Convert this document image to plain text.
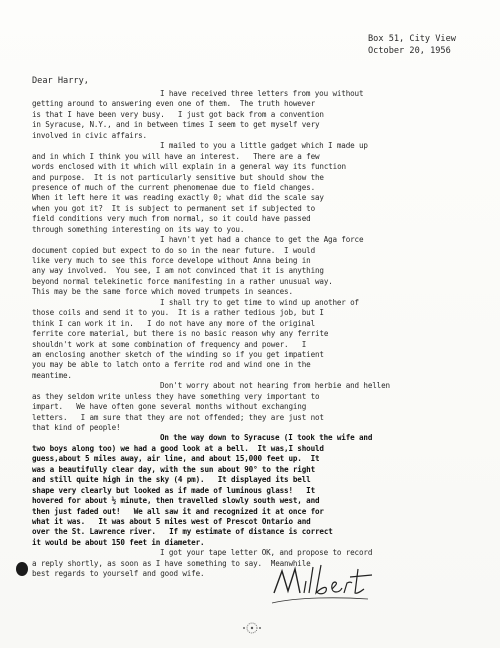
Box 51, City View
October 20, 1956
Dear Harry,
I have received three letters from you without
getting around to answering even one of them.  The truth however
is that I have been very busy.   I just got back from a convention
in Syracuse, N.Y., and in between times I seem to get myself very
involved in civic affairs.
I mailed to you a little gadget which I made up
and in which I think you will have an interest.   There are a few
words enclosed with it which will explain in a general way its function
and purpose.  It is not particularly sensitive but should show the
presence of much of the current phenomenae due to field changes.
When it left here it was reading exactly 0; what did the scale say
when you got it?  It is subject to permanent set if subjected to
field conditions very much from normal, so it could have passed
through something interesting on its way to you.
I havn't yet had a chance to get the Aga force
document copied but expect to do so in the near future.  I would
like very much to see this force develope without Anna being in
any way involved.  You see, I am not convinced that it is anything
beyond normal telekinetic force manifesting in a rather unusual way.
This may be the same force which moved trumpets in seances.
I shall try to get time to wind up another of
those coils and send it to you.  It is a rather tedious job, but I
think I can work it in.   I do not have any more of the original
ferrite core material, but there is no basic reason why any ferrite
shouldn't work at some combination of frequency and power.   I
am enclosing another sketch of the winding so if you get impatient
you may be able to latch onto a ferrite rod and wind one in the
meantime.
Don't worry about not hearing from herbie and hellen
as they seldom write unless they have something very important to
impart.   We have often gone several months without exchanging
letters.   I am sure that they are not offended; they are just not
that kind of people!
On the way down to Syracuse (I took the wife and
two boys along too) we had a good look at a bell.  It was,I should
guess,about 5 miles away, air line, and about 15,000 feet up.  It
was a beautifully clear day, with the sun about 90° to the right
and still quite high in the sky (4 pm).   It displayed its bell
shape very clearly but looked as if made of luminous glass!   It
hovered for about ½ minute, then travelled slowly south west, and
then just faded out!   We all saw it and recognized it at once for
what it was.   It was about 5 miles west of Prescot Ontario and
over the St. Lawrence river.   If my estimate of distance is correct
it would be about 150 feet in diameter.
I got your tape letter OK, and propose to record
a reply shortly, as soon as I have something to say.  Meanwhile
best regards to yourself and good wife.
